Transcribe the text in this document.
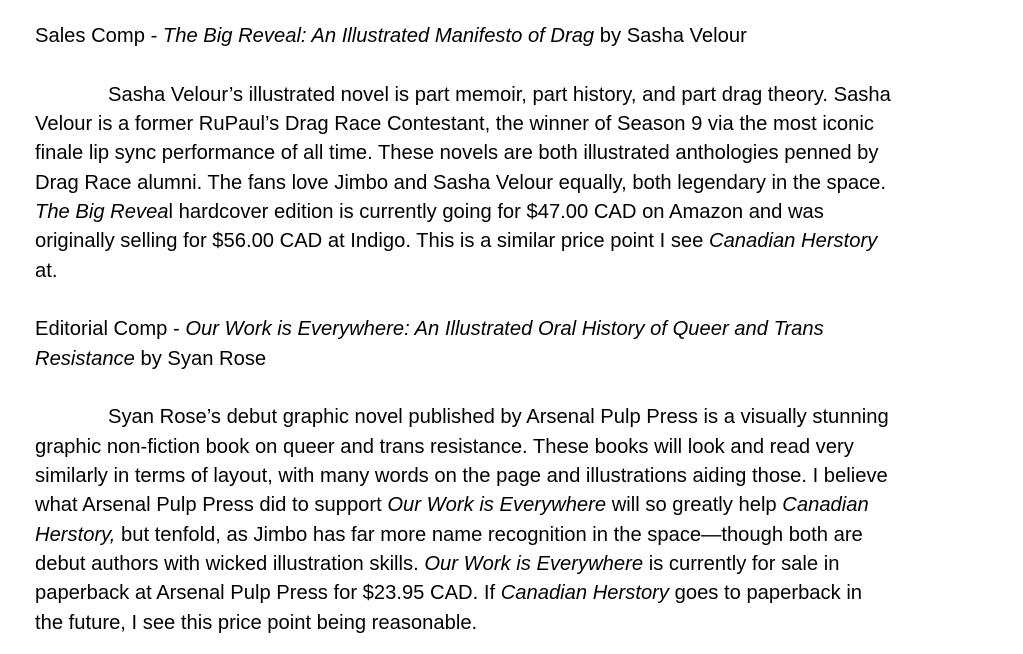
Sales Comp - The Big Reveal: An Illustrated Manifesto of Drag by Sasha Velour
Sasha Velour’s illustrated novel is part memoir, part history, and part drag theory. Sasha
Velour is a former RuPaul’s Drag Race Contestant, the winner of Season 9 via the most iconic
finale lip sync performance of all time. These novels are both illustrated anthologies penned by
Drag Race alumni. The fans love Jimbo and Sasha Velour equally, both legendary in the space.
The Big Reveal hardcover edition is currently going for $47.00 CAD on Amazon and was
originally selling for $56.00 CAD at Indigo. This is a similar price point I see Canadian Herstory
at.
Editorial Comp - Our Work is Everywhere: An Illustrated Oral History of Queer and Trans
Resistance by Syan Rose
Syan Rose’s debut graphic novel published by Arsenal Pulp Press is a visually stunning
graphic non-fiction book on queer and trans resistance. These books will look and read very
similarly in terms of layout, with many words on the page and illustrations aiding those. I believe
what Arsenal Pulp Press did to support Our Work is Everywhere will so greatly help Canadian
Herstory, but tenfold, as Jimbo has far more name recognition in the space—though both are
debut authors with wicked illustration skills. Our Work is Everywhere is currently for sale in
paperback at Arsenal Pulp Press for $23.95 CAD. If Canadian Herstory goes to paperback in
the future, I see this price point being reasonable.
